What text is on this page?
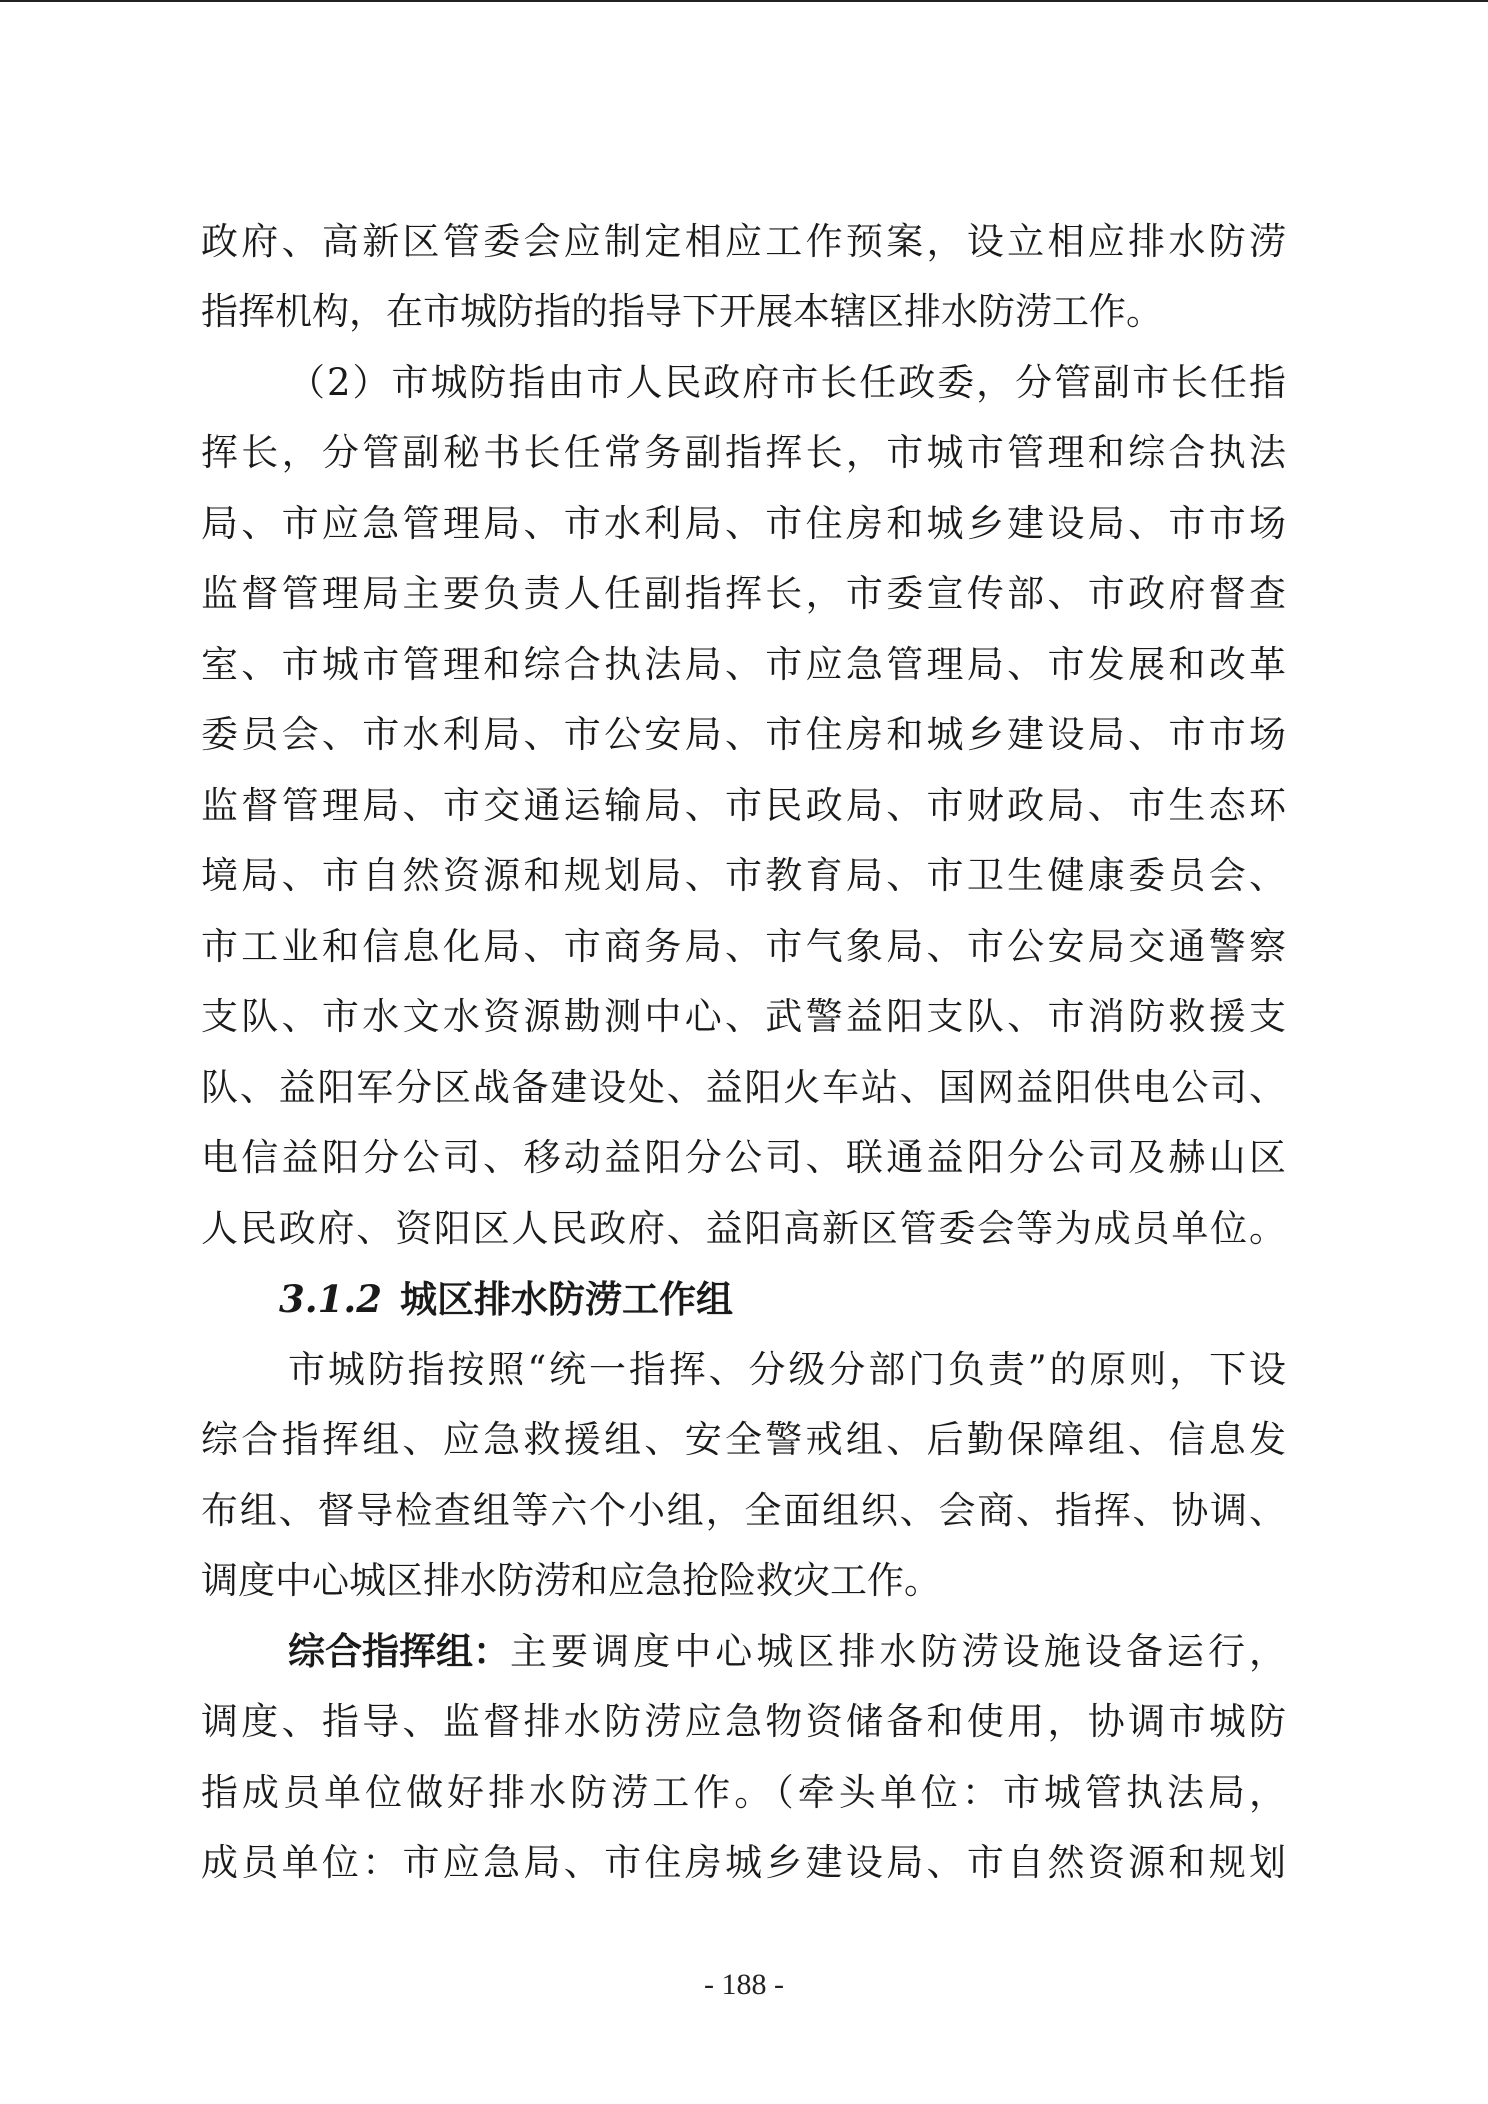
政府、高新区管委会应制定相应工作预案，设立相应排水防涝
指挥机构，在市城防指的指导下开展本辖区排水防涝工作。
（2）市城防指由市人民政府市长任政委，分管副市长任指
挥长，分管副秘书长任常务副指挥长，市城市管理和综合执法
局、市应急管理局、市水利局、市住房和城乡建设局、市市场
监督管理局主要负责人任副指挥长，市委宣传部、市政府督查
室、市城市管理和综合执法局、市应急管理局、市发展和改革
委员会、市水利局、市公安局、市住房和城乡建设局、市市场
监督管理局、市交通运输局、市民政局、市财政局、市生态环
境局、市自然资源和规划局、市教育局、市卫生健康委员会、
市工业和信息化局、市商务局、市气象局、市公安局交通警察
支队、市水文水资源勘测中心、武警益阳支队、市消防救援支
队、益阳军分区战备建设处、益阳火车站、国网益阳供电公司、
电信益阳分公司、移动益阳分公司、联通益阳分公司及赫山区
人民政府、资阳区人民政府、益阳高新区管委会等为成员单位。
3.1.2 城区排水防涝工作组
市城防指按照“统一指挥、分级分部门负责”的原则，下设
综合指挥组、应急救援组、安全警戒组、后勤保障组、信息发
布组、督导检查组等六个小组，全面组织、会商、指挥、协调、
调度中心城区排水防涝和应急抢险救灾工作。
综合指挥组： 主要调度中心城区排水防涝设施设备运行，
调度、指导、监督排水防涝应急物资储备和使用，协调市城防
指成员单位做好排水防涝工作。（牵头单位：市城管执法局，
成员单位：市应急局、市住房城乡建设局、市自然资源和规划
- 188 -
